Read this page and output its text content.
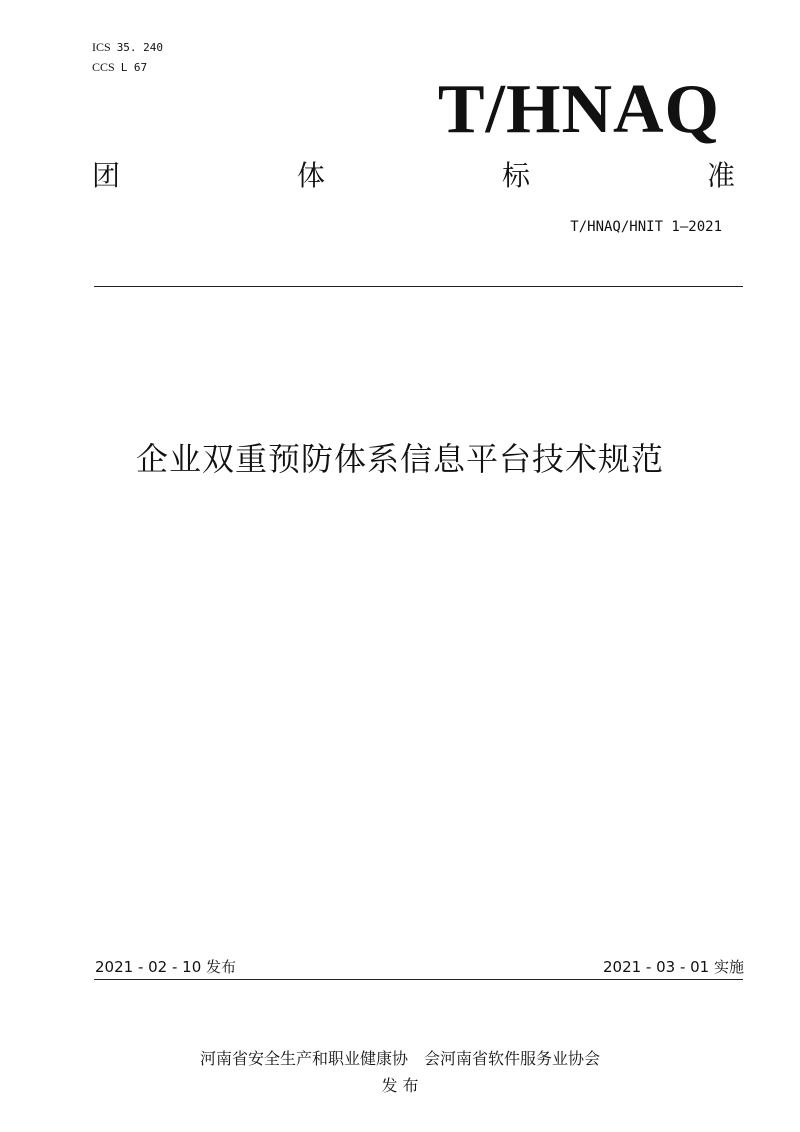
ICS 35. 240
CCS L 67
T/HNAQ
团	体	标	准
T/HNAQ/HNIT 1—2021
企业双重预防体系信息平台技术规范
2021 - 02 - 10 发布	2021 - 03 - 01 实施
河南省安全生产和职业健康协 会河南省软件服务业协会
发 布
